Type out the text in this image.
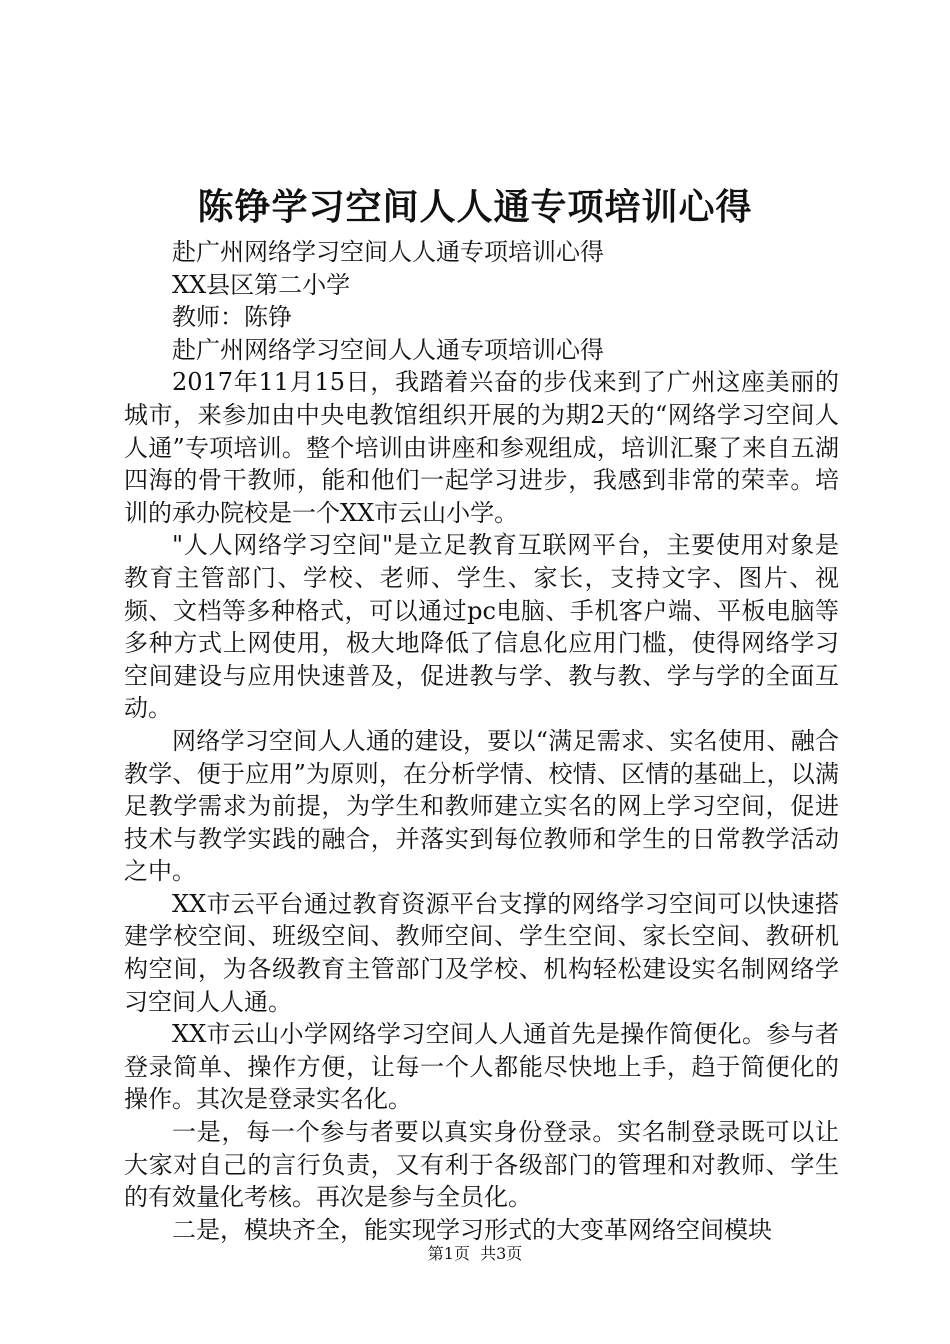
陈铮学习空间人人通专项培训心得

赴广州网络学习空间人人通专项培训心得

XX县区第二小学

教师：陈铮

赴广州网络学习空间人人通专项培训心得

2017年11月15日，我踏着兴奋的步伐来到了广州这座美丽的城市，来参加由中央电教馆组织开展的为期2天的“网络学习空间人人通”专项培训。整个培训由讲座和参观组成，培训汇聚了来自五湖四海的骨干教师，能和他们一起学习进步，我感到非常的荣幸。培训的承办院校是一个XX市云山小学。

"人人网络学习空间"是立足教育互联网平台，主要使用对象是教育主管部门、学校、老师、学生、家长，支持文字、图片、视频、文档等多种格式，可以通过pc电脑、手机客户端、平板电脑等多种方式上网使用，极大地降低了信息化应用门槛，使得网络学习空间建设与应用快速普及，促进教与学、教与教、学与学的全面互动。

网络学习空间人人通的建设，要以“满足需求、实名使用、融合教学、便于应用”为原则，在分析学情、校情、区情的基础上，以满足教学需求为前提，为学生和教师建立实名的网上学习空间，促进技术与教学实践的融合，并落实到每位教师和学生的日常教学活动之中。

XX市云平台通过教育资源平台支撑的网络学习空间可以快速搭建学校空间、班级空间、教师空间、学生空间、家长空间、教研机构空间，为各级教育主管部门及学校、机构轻松建设实名制网络学习空间人人通。

XX市云山小学网络学习空间人人通首先是操作简便化。参与者登录简单、操作方便，让每一个人都能尽快地上手，趋于简便化的操作。其次是登录实名化。

一是，每一个参与者要以真实身份登录。实名制登录既可以让大家对自己的言行负责，又有利于各级部门的管理和对教师、学生的有效量化考核。再次是参与全员化。

二是，模块齐全，能实现学习形式的大变革网络空间模块

第1页  共3页
